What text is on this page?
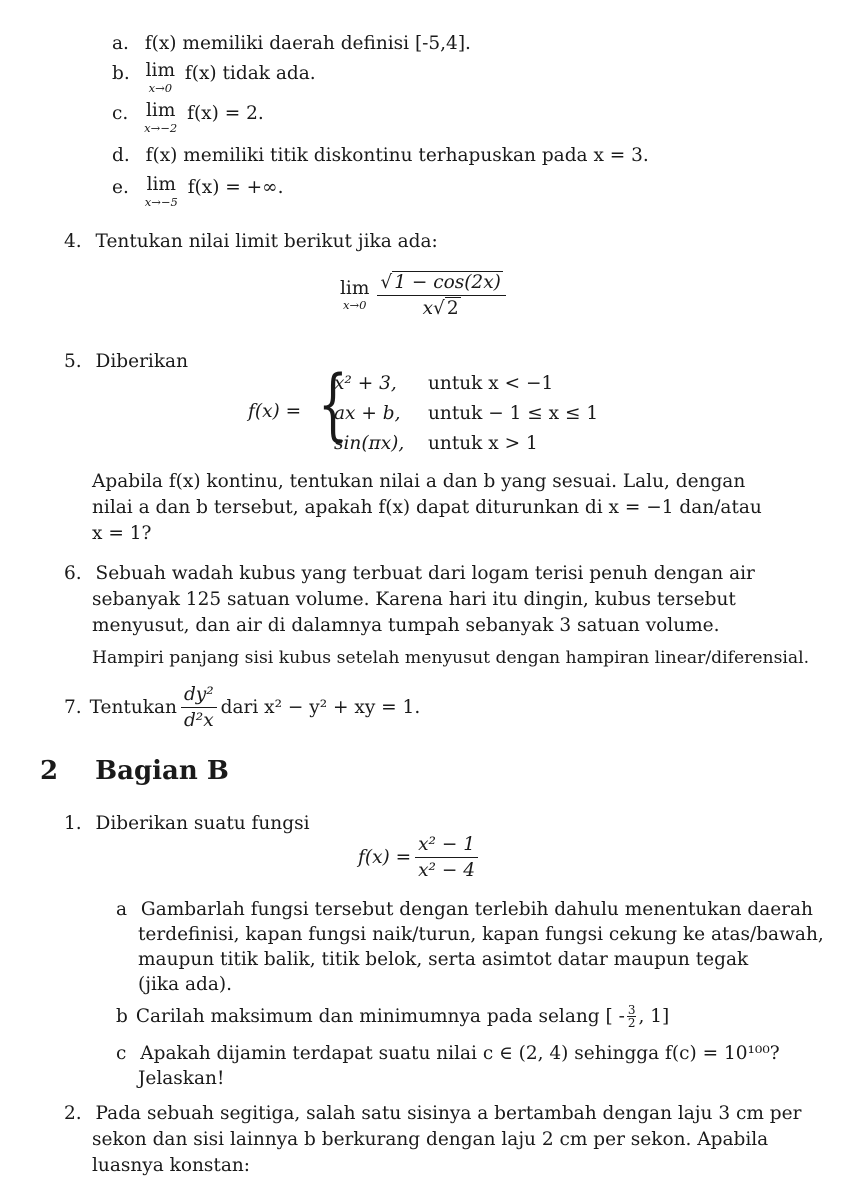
a. f(x) memiliki daerah definisi [-5,4].
b. lim
x→0
f(x) tidak ada.
c. lim
x→−2
f(x) = 2.
d. f(x) memiliki titik diskontinu terhapuskan pada x = 3.
e. lim
x→−5
f(x) = +∞.
4. Tentukan nilai limit berikut jika ada:
lim
$x\to 0 \frac{√ 1 - \cos(2x)}{x√ 2}$
5. Diberikan
f(x) = {
x² + 3, untuk x < −1
ax + b, untuk − 1 ≤ x ≤ 1
sin(πx), untuk x > 1
Apabila f(x) kontinu, tentukan nilai a dan b yang sesuai. Lalu, dengan
nilai a dan b tersebut, apakah f(x) dapat diturunkan di x = −1 dan/atau
x = 1?
6. Sebuah wadah kubus yang terbuat dari logam terisi penuh dengan air
sebanyak 125 satuan volume. Karena hari itu dingin, kubus tersebut
menyusut, dan air di dalamnya tumpah sebanyak 3 satuan volume.
Hampiri panjang sisi kubus setelah menyusut dengan hampiran linear/diferensial.
7. Tentukan $\frac{\text{dy²}}{\text{d²x}}$ dari x² − y² + xy = 1.
2 Bagian B
1. Diberikan suatu fungsi
$f(x) = \frac{\text{x² − 1}}{\text{x² − 4}}$
a Gambarlah fungsi tersebut dengan terlebih dahulu menentukan daerah
terdefinisi, kapan fungsi naik/turun, kapan fungsi cekung ke atas/bawah,
maupun titik balik, titik belok, serta asimtot datar maupun tegak
(jika ada).
b Carilah maksimum dan minimumnya pada selang [ - $\frac{3}{2}$ , 1]
c Apakah dijamin terdapat suatu nilai c ∈ (2, 4) sehingga f(c) = 10¹⁰⁰?
Jelaskan!
2. Pada sebuah segitiga, salah satu sisinya a bertambah dengan laju 3 cm per
sekon dan sisi lainnya b berkurang dengan laju 2 cm per sekon. Apabila
luasnya konstan:
